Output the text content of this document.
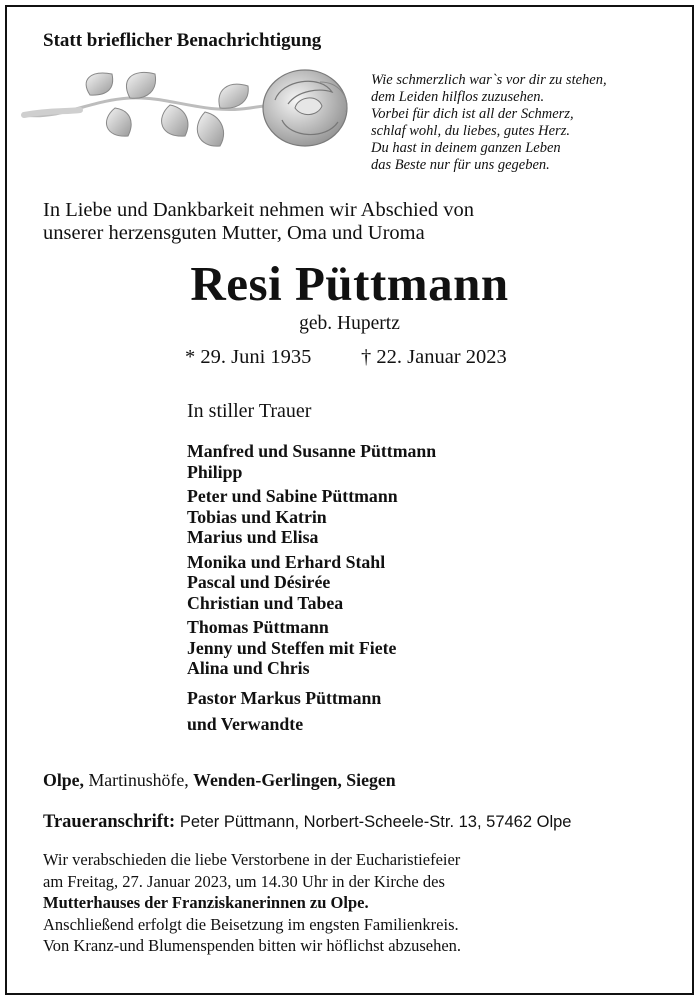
Statt brieflicher Benachrichtigung
Wie schmerzlich war`s vor dir zu stehen,
dem Leiden hilflos zuzusehen.
Vorbei für dich ist all der Schmerz,
schlaf wohl, du liebes, gutes Herz.
Du hast in deinem ganzen Leben
das Beste nur für uns gegeben.
In Liebe und Dankbarkeit nehmen wir Abschied von
unserer herzensguten Mutter, Oma und Uroma
Resi Püttmann
geb. Hupertz
* 29. Juni 1935 † 22. Januar 2023
In stiller Trauer
Manfred und Susanne Püttmann
Philipp
Peter und Sabine Püttmann
Tobias und Katrin
Marius und Elisa
Monika und Erhard Stahl
Pascal und Désirée
Christian und Tabea
Thomas Püttmann
Jenny und Steffen mit Fiete
Alina und Chris
Pastor Markus Püttmann
und Verwandte
Olpe, Martinushöfe, Wenden-Gerlingen, Siegen
Traueranschrift: Peter Püttmann, Norbert-Scheele-Str. 13, 57462 Olpe
Wir verabschieden die liebe Verstorbene in der Eucharistiefeier
am Freitag, 27. Januar 2023, um 14.30 Uhr in der Kirche des
Mutterhauses der Franziskanerinnen zu Olpe.
Anschließend erfolgt die Beisetzung im engsten Familienkreis.
Von Kranz-und Blumenspenden bitten wir höflichst abzusehen.
